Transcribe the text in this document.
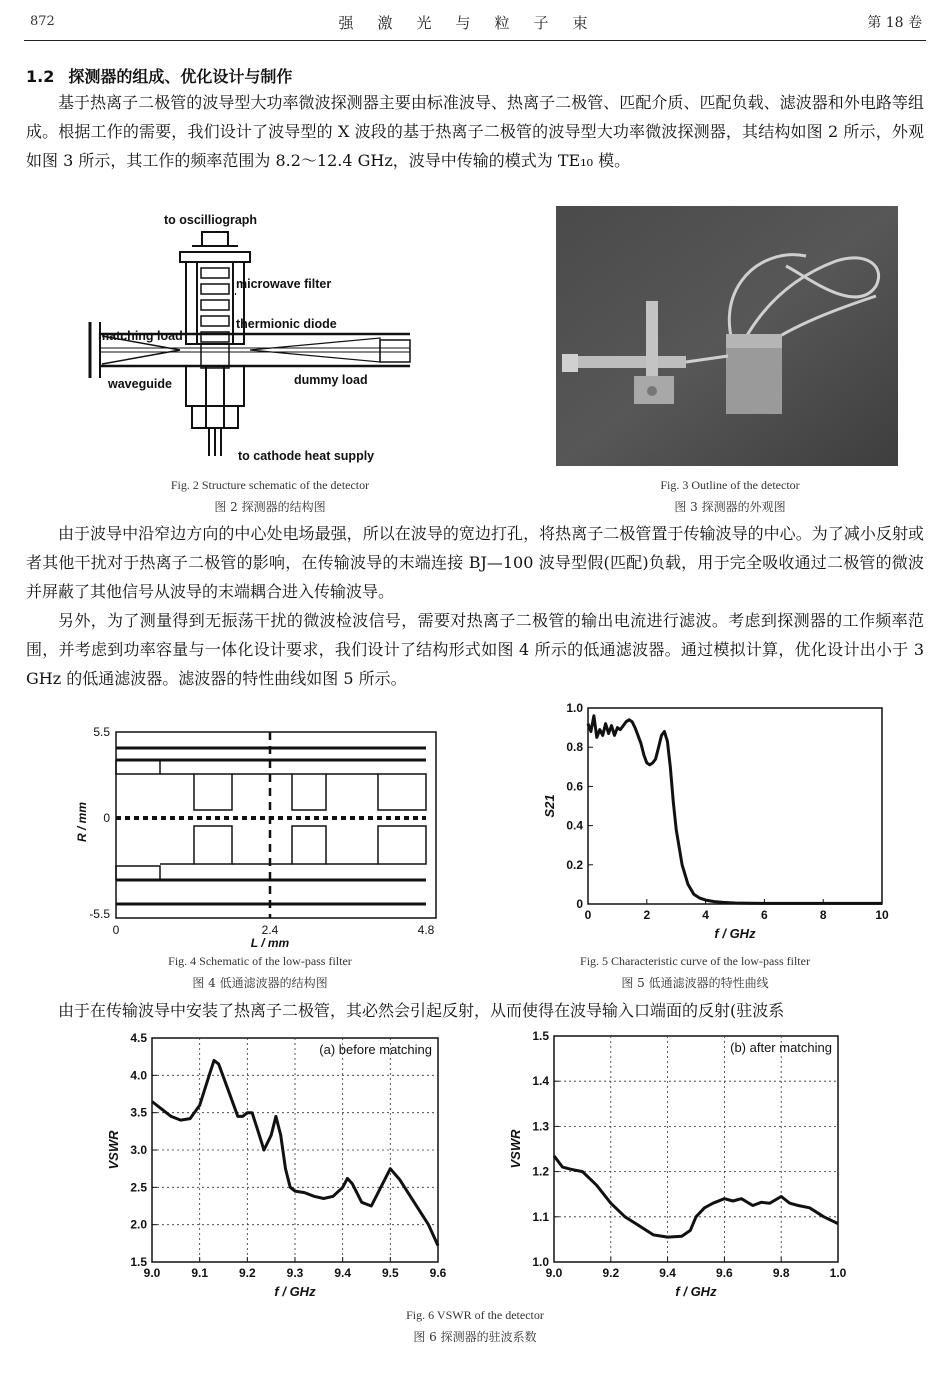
872	强激光与粒子束	第 18 卷
1.2 探测器的组成、优化设计与制作

基于热离子二极管的波导型大功率微波探测器主要由标准波导、热离子二极管、匹配介质、匹配负载、滤波器和外电路等组成。根据工作的需要，我们设计了波导型的 X 波段的基于热离子二极管的波导型大功率微波探测器，其结构如图 2 所示，外观如图 3 所示，其工作的频率范围为 8.2～12.4 GHz，波导中传输的模式为 TE₁₀ 模。

to oscilliograph
microwave filter
thermionic diode
matching load
waveguide	dummy load
to cathode heat supply
Fig. 2 Structure schematic of the detector
图 2 探测器的结构图
Fig. 3 Outline of the detector
图 3 探测器的外观图

由于波导中沿窄边方向的中心处电场最强，所以在波导的宽边打孔，将热离子二极管置于传输波导的中心。为了减小反射或者其他干扰对于热离子二极管的影响，在传输波导的末端连接 BJ—100 波导型假(匹配)负载，用于完全吸收通过二极管的微波并屏蔽了其他信号从波导的末端耦合进入传输波导。

另外，为了测量得到无振荡干扰的微波检波信号，需要对热离子二极管的输出电流进行滤波。考虑到探测器的工作频率范围，并考虑到功率容量与一体化设计要求，我们设计了结构形式如图 4 所示的低通滤波器。通过模拟计算，优化设计出小于 3 GHz 的低通滤波器。滤波器的特性曲线如图 5 所示。

5.5
0
-5.5
0	2.4	4.8
L / mm
R / mm
Fig. 4 Schematic of the low-pass filter
图 4 低通滤波器的结构图
0	2	4	6	8	10
0
0.2
0.4
0.6
0.8
1.0
f / GHz
S21
Fig. 5 Characteristic curve of the low-pass filter
图 5 低通滤波器的特性曲线

由于在传输波导中安装了热离子二极管，其必然会引起反射，从而使得在波导输入口端面的反射(驻波系

9.0	9.1	9.2	9.3	9.4	9.5	9.6
1.5
2.0
2.5
3.0
3.5
4.0
4.5
f / GHz
VSWR
(a) before matching
9.0	9.2	9.4	9.6	9.8	1.0
1.0
1.1
1.2
1.3
1.4
1.5
f / GHz
VSWR
(b) after matching
Fig. 6 VSWR of the detector
图 6 探测器的驻波系数
